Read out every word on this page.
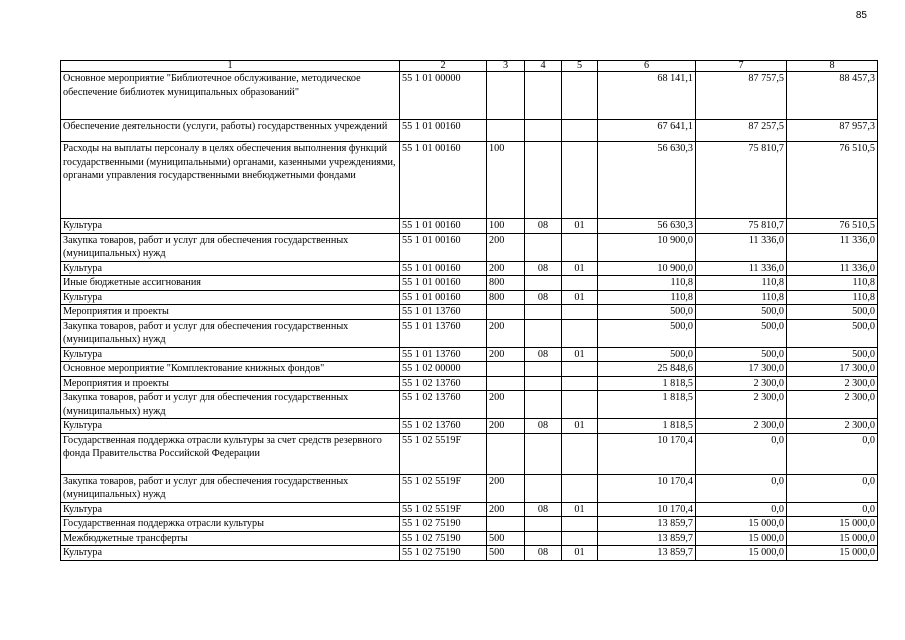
85
1	2	3	4	5	6	7	8
Основное мероприятие "Библиотечное обслуживание, методическое обеспечение библиотек муниципальных образований"	55 1 01 00000				68 141,1	87 757,5	88 457,3
Обеспечение деятельности (услуги, работы) государственных учреждений	55 1 01 00160				67 641,1	87 257,5	87 957,3
Расходы на выплаты персоналу в целях обеспечения выполнения функций государственными (муниципальными) органами, казенными учреждениями, органами управления государственными внебюджетными фондами	55 1 01 00160	100			56 630,3	75 810,7	76 510,5
Культура	55 1 01 00160	100	08	01	56 630,3	75 810,7	76 510,5
Закупка товаров, работ и услуг для обеспечения государственных (муниципальных) нужд	55 1 01 00160	200			10 900,0	11 336,0	11 336,0
Культура	55 1 01 00160	200	08	01	10 900,0	11 336,0	11 336,0
Иные бюджетные ассигнования	55 1 01 00160	800			110,8	110,8	110,8
Культура	55 1 01 00160	800	08	01	110,8	110,8	110,8
Мероприятия и проекты	55 1 01 13760				500,0	500,0	500,0
Закупка товаров, работ и услуг для обеспечения государственных (муниципальных) нужд	55 1 01 13760	200			500,0	500,0	500,0
Культура	55 1 01 13760	200	08	01	500,0	500,0	500,0
Основное мероприятие "Комплектование книжных фондов"	55 1 02 00000				25 848,6	17 300,0	17 300,0
Мероприятия и проекты	55 1 02 13760				1 818,5	2 300,0	2 300,0
Закупка товаров, работ и услуг для обеспечения государственных (муниципальных) нужд	55 1 02 13760	200			1 818,5	2 300,0	2 300,0
Культура	55 1 02 13760	200	08	01	1 818,5	2 300,0	2 300,0
Государственная поддержка отрасли культуры за счет средств резервного фонда Правительства Российской Федерации	55 1 02 5519F				10 170,4	0,0	0,0
Закупка товаров, работ и услуг для обеспечения государственных (муниципальных) нужд	55 1 02 5519F	200			10 170,4	0,0	0,0
Культура	55 1 02 5519F	200	08	01	10 170,4	0,0	0,0
Государственная поддержка отрасли культуры	55 1 02 75190				13 859,7	15 000,0	15 000,0
Межбюджетные трансферты	55 1 02 75190	500			13 859,7	15 000,0	15 000,0
Культура	55 1 02 75190	500	08	01	13 859,7	15 000,0	15 000,0
